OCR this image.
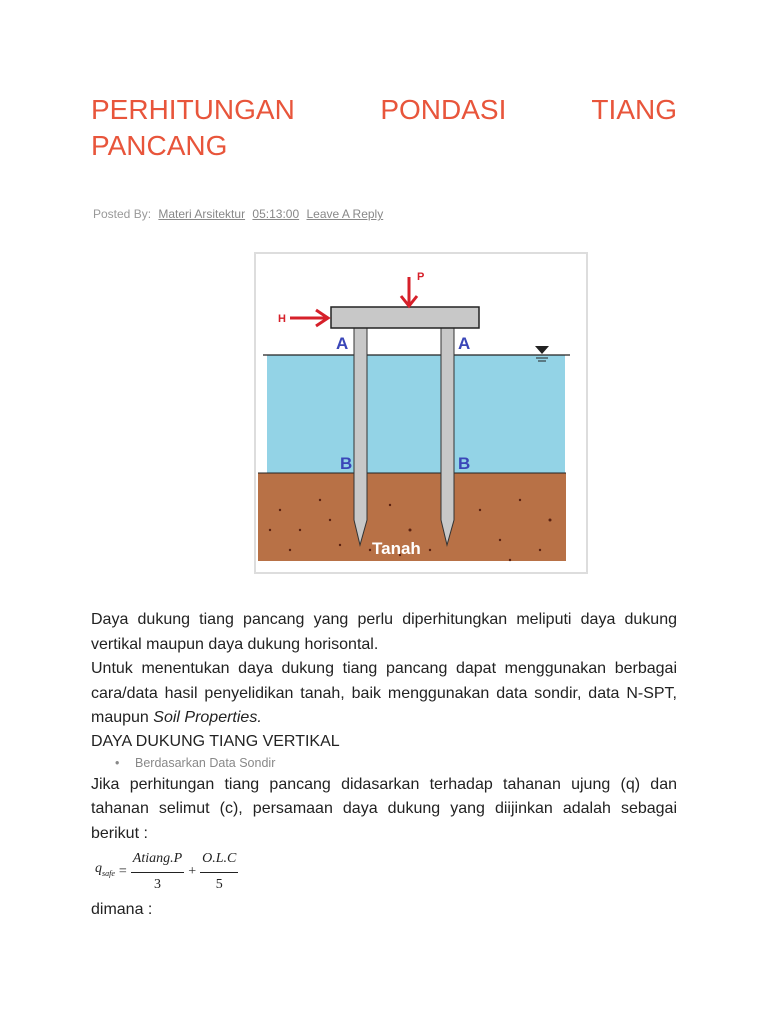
PERHITUNGAN PONDASI TIANG
PANCANG
Posted By: Materi Arsitektur 05:13:00 Leave A Reply
H
P
A	A
B	B
Tanah

Daya dukung tiang pancang yang perlu diperhitungkan meliputi daya dukung vertikal maupun daya dukung horisontal.

Untuk menentukan daya dukung tiang pancang dapat menggunakan berbagai cara/data hasil penyelidikan tanah, baik menggunakan data sondir, data N-SPT, maupun Soil Properties.

DAYA DUKUNG TIANG VERTIKAL

• Berdasarkan Data Sondir

Jika perhitungan tiang pancang didasarkan terhadap tahanan ujung (q) dan tahanan selimut (c), persamaan daya dukung yang diijinkan adalah sebagai berikut :

$q_{safe} = \frac{\text{Atiang.P}}{3} + \frac{O.L.C}{5}$

dimana :
